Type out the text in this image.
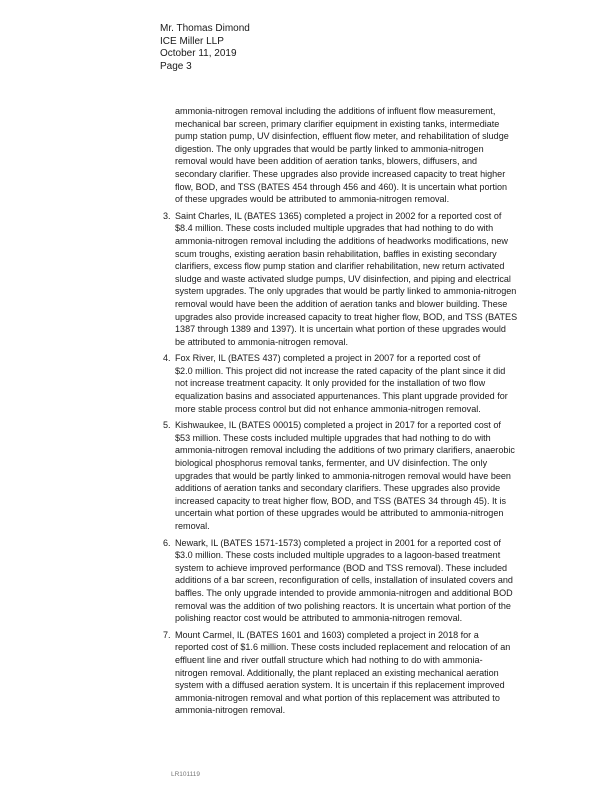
Mr. Thomas Dimond
ICE Miller LLP
October 11, 2019
Page 3
ammonia-nitrogen removal including the additions of influent flow measurement,
mechanical bar screen, primary clarifier equipment in existing tanks, intermediate
pump station pump, UV disinfection, effluent flow meter, and rehabilitation of sludge
digestion. The only upgrades that would be partly linked to ammonia-nitrogen
removal would have been addition of aeration tanks, blowers, diffusers, and
secondary clarifier. These upgrades also provide increased capacity to treat higher
flow, BOD, and TSS (BATES 454 through 456 and 460). It is uncertain what portion
of these upgrades would be attributed to ammonia-nitrogen removal.
3. Saint Charles, IL (BATES 1365) completed a project in 2002 for a reported cost of
$8.4 million. These costs included multiple upgrades that had nothing to do with
ammonia-nitrogen removal including the additions of headworks modifications, new
scum troughs, existing aeration basin rehabilitation, baffles in existing secondary
clarifiers, excess flow pump station and clarifier rehabilitation, new return activated
sludge and waste activated sludge pumps, UV disinfection, and piping and electrical
system upgrades. The only upgrades that would be partly linked to ammonia-nitrogen
removal would have been the addition of aeration tanks and blower building. These
upgrades also provide increased capacity to treat higher flow, BOD, and TSS (BATES
1387 through 1389 and 1397). It is uncertain what portion of these upgrades would
be attributed to ammonia-nitrogen removal.
4. Fox River, IL (BATES 437) completed a project in 2007 for a reported cost of
$2.0 million. This project did not increase the rated capacity of the plant since it did
not increase treatment capacity. It only provided for the installation of two flow
equalization basins and associated appurtenances. This plant upgrade provided for
more stable process control but did not enhance ammonia-nitrogen removal.
5. Kishwaukee, IL (BATES 00015) completed a project in 2017 for a reported cost of
$53 million. These costs included multiple upgrades that had nothing to do with
ammonia-nitrogen removal including the additions of two primary clarifiers, anaerobic
biological phosphorus removal tanks, fermenter, and UV disinfection. The only
upgrades that would be partly linked to ammonia-nitrogen removal would have been
additions of aeration tanks and secondary clarifiers. These upgrades also provide
increased capacity to treat higher flow, BOD, and TSS (BATES 34 through 45). It is
uncertain what portion of these upgrades would be attributed to ammonia-nitrogen
removal.
6. Newark, IL (BATES 1571-1573) completed a project in 2001 for a reported cost of
$3.0 million. These costs included multiple upgrades to a lagoon-based treatment
system to achieve improved performance (BOD and TSS removal). These included
additions of a bar screen, reconfiguration of cells, installation of insulated covers and
baffles. The only upgrade intended to provide ammonia-nitrogen and additional BOD
removal was the addition of two polishing reactors. It is uncertain what portion of the
polishing reactor cost would be attributed to ammonia-nitrogen removal.
7. Mount Carmel, IL (BATES 1601 and 1603) completed a project in 2018 for a
reported cost of $1.6 million. These costs included replacement and relocation of an
effluent line and river outfall structure which had nothing to do with ammonia-
nitrogen removal. Additionally, the plant replaced an existing mechanical aeration
system with a diffused aeration system. It is uncertain if this replacement improved
ammonia-nitrogen removal and what portion of this replacement was attributed to
ammonia-nitrogen removal.
LR101119
